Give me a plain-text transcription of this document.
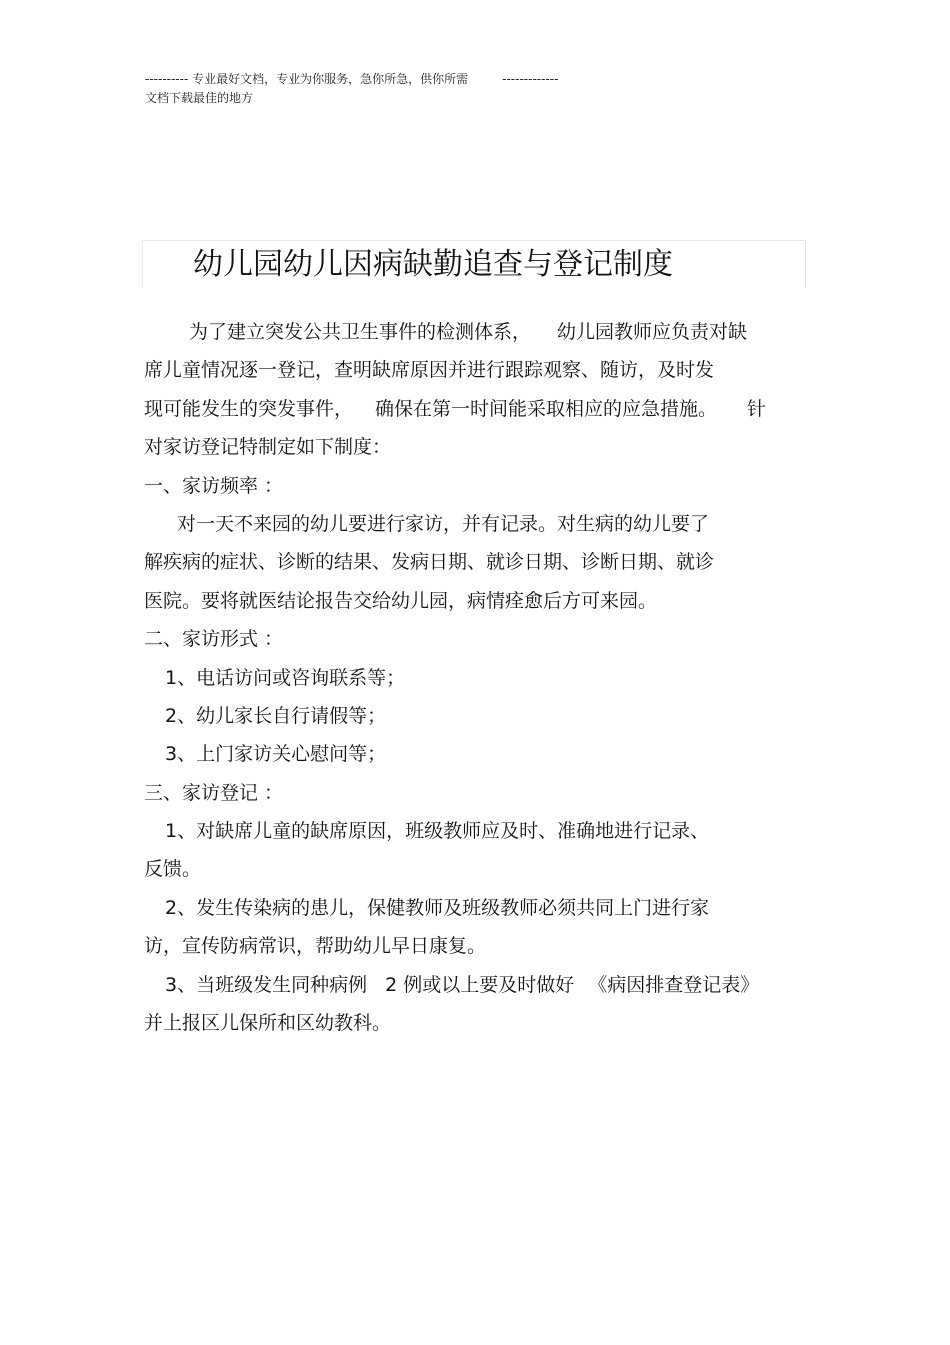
---------- 专业最好文档，专业为你服务，急你所急，供你所需	-------------
文档下载最佳的地方
幼儿园幼儿因病缺勤追查与登记制度
为了建立突发公共卫生事件的检测体系， 幼儿园教师应负责对缺
席儿童情况逐一登记，查明缺席原因并进行跟踪观察、随访，及时发
现可能发生的突发事件， 确保在第一时间能采取相应的应急措施。 针
对家访登记特制定如下制度：
一、家访频率 ：
对一天不来园的幼儿要进行家访，并有记录。对生病的幼儿要了
解疾病的症状、诊断的结果、发病日期、就诊日期、诊断日期、就诊
医院。要将就医结论报告交给幼儿园，病情痊愈后方可来园。
二、家访形式 ：
1、电话访问或咨询联系等；
2、幼儿家长自行请假等；
3、上门家访关心慰问等；
三、家访登记 ：
1、对缺席儿童的缺席原因，班级教师应及时、准确地进行记录、
反馈。
2、发生传染病的患儿，保健教师及班级教师必须共同上门进行家
访，宣传防病常识，帮助幼儿早日康复。
3、当班级发生同种病例 2 例或以上要及时做好 《病因排查登记表》
并上报区儿保所和区幼教科。
